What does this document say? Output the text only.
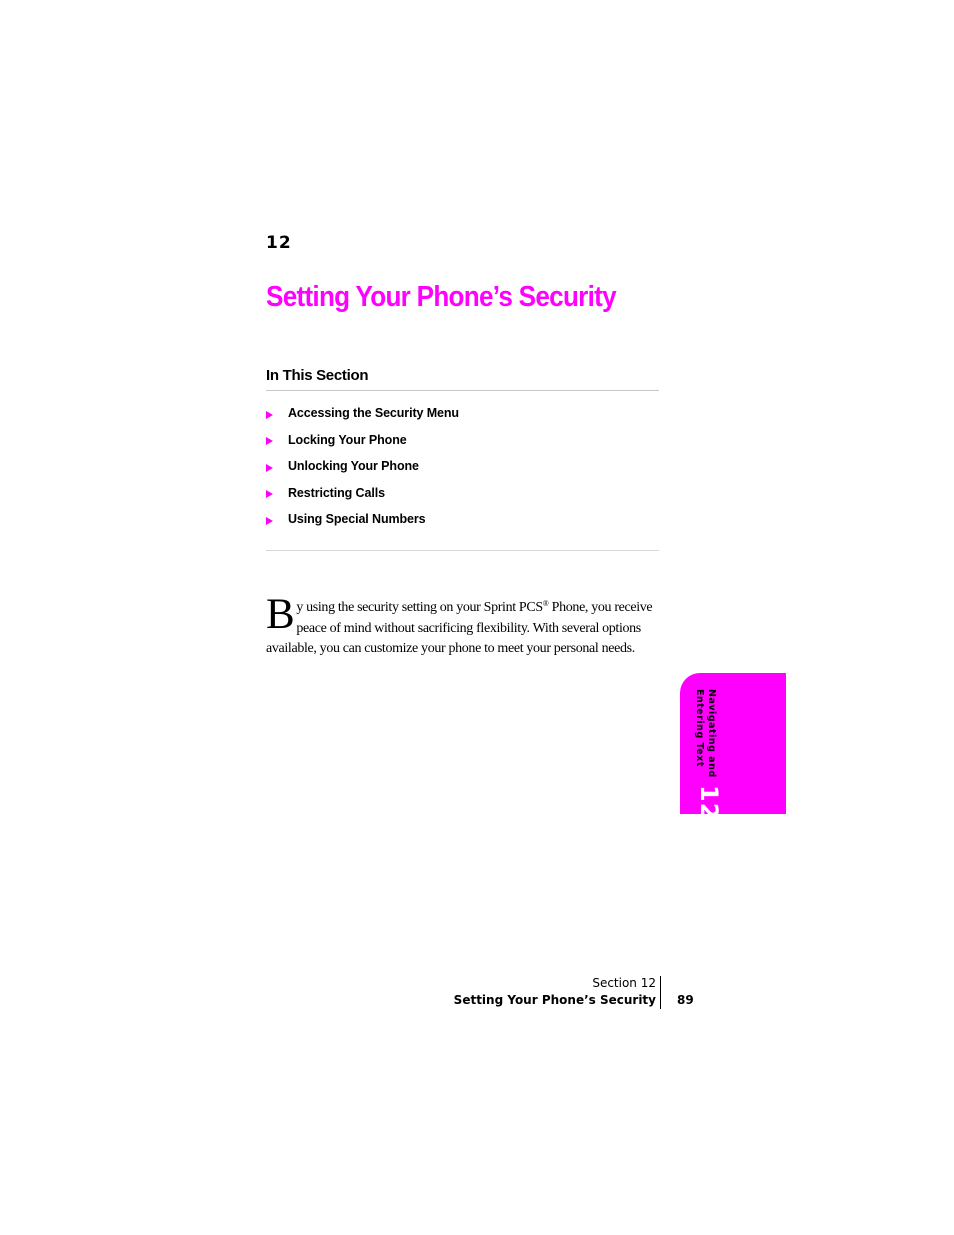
12
Setting Your Phone’s Security
In This Section
Accessing the Security Menu
Locking Your Phone
Unlocking Your Phone
Restricting Calls
Using Special Numbers

By using the security setting on your Sprint PCS® Phone, you receive peace of mind without sacrificing flexibility. With several options available, you can customize your phone to meet your personal needs.

Navigating and
Entering Text
12
Section 12
Setting Your Phone’s Security 89
